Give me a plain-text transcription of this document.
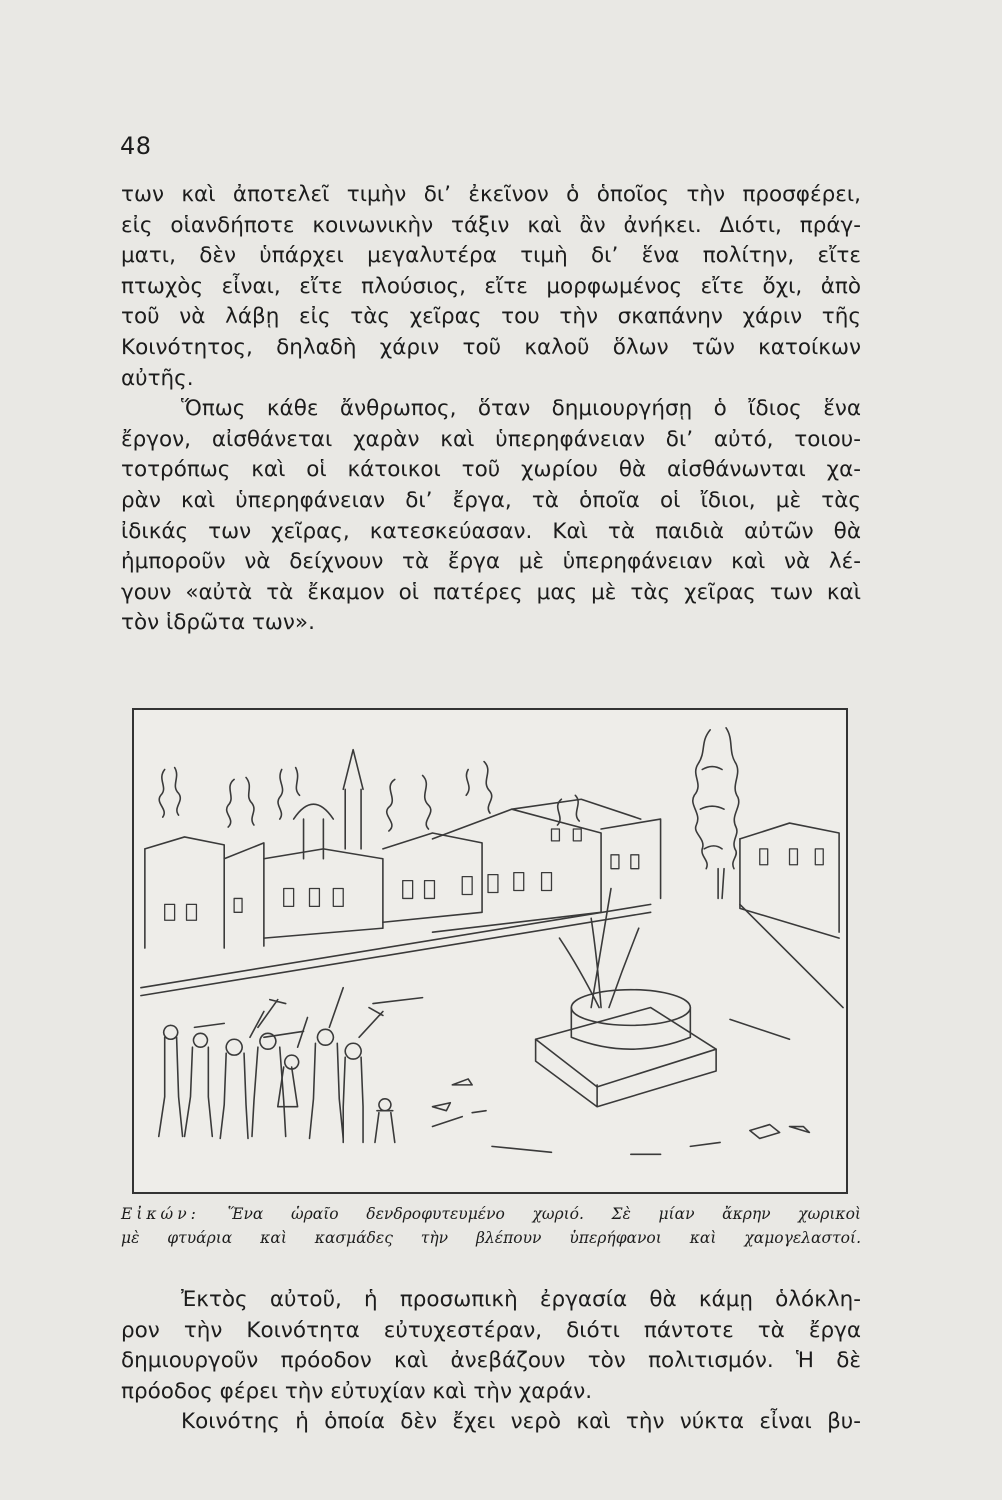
48
των καὶ ἀποτελεῖ τιμὴν δι’ ἐκεῖνον ὁ ὁποῖος τὴν προσφέρει,
εἰς οἱανδήποτε κοινωνικὴν τάξιν καὶ ἂν ἀνήκει. Διότι, πράγ-
ματι, δὲν ὑπάρχει μεγαλυτέρα τιμὴ δι’ ἕνα πολίτην, εἴτε
πτωχὸς εἶναι, εἴτε πλούσιος, εἴτε μορφωμένος εἴτε ὄχι, ἀπὸ
τοῦ νὰ λάβῃ εἰς τὰς χεῖρας του τὴν σκαπάνην χάριν τῆς
Κοινότητος, δηλαδὴ χάριν τοῦ καλοῦ ὅλων τῶν κατοίκων
αὐτῆς.
Ὅπως κάθε ἄνθρωπος, ὅταν δημιουργήσῃ ὁ ἴδιος ἕνα
ἔργον, αἰσθάνεται χαρὰν καὶ ὑπερηφάνειαν δι’ αὐτό, τοιου-
τοτρόπως καὶ οἱ κάτοικοι τοῦ χωρίου θὰ αἰσθάνωνται χα-
ρὰν καὶ ὑπερηφάνειαν δι’ ἔργα, τὰ ὁποῖα οἱ ἴδιοι, μὲ τὰς
ἰδικάς των χεῖρας, κατεσκεύασαν. Καὶ τὰ παιδιὰ αὐτῶν θὰ
ἠμποροῦν νὰ δείχνουν τὰ ἔργα μὲ ὑπερηφάνειαν καὶ νὰ λέ-
γουν «αὐτὰ τὰ ἔκαμον οἱ πατέρες μας μὲ τὰς χεῖρας των καὶ
τὸν ἱδρῶτα των».
Εἰκών: Ἕνα ὡραῖο δενδροφυτευμένο χωριό. Σὲ μίαν ἄκρην χωρικοὶ
μὲ φτυάρια καὶ κασμάδες τὴν βλέπουν ὑπερήφανοι καὶ χαμογελαστοί.
Ἐκτὸς αὐτοῦ, ἡ προσωπικὴ ἐργασία θὰ κάμῃ ὁλόκλη-
ρον τὴν Κοινότητα εὐτυχεστέραν, διότι πάντοτε τὰ ἔργα
δημιουργοῦν πρόοδον καὶ ἀνεβάζουν τὸν πολιτισμόν. Ἡ δὲ
πρόοδος φέρει τὴν εὐτυχίαν καὶ τὴν χαράν.
Κοινότης ἡ ὁποία δὲν ἔχει νερὸ καὶ τὴν νύκτα εἶναι βυ-
